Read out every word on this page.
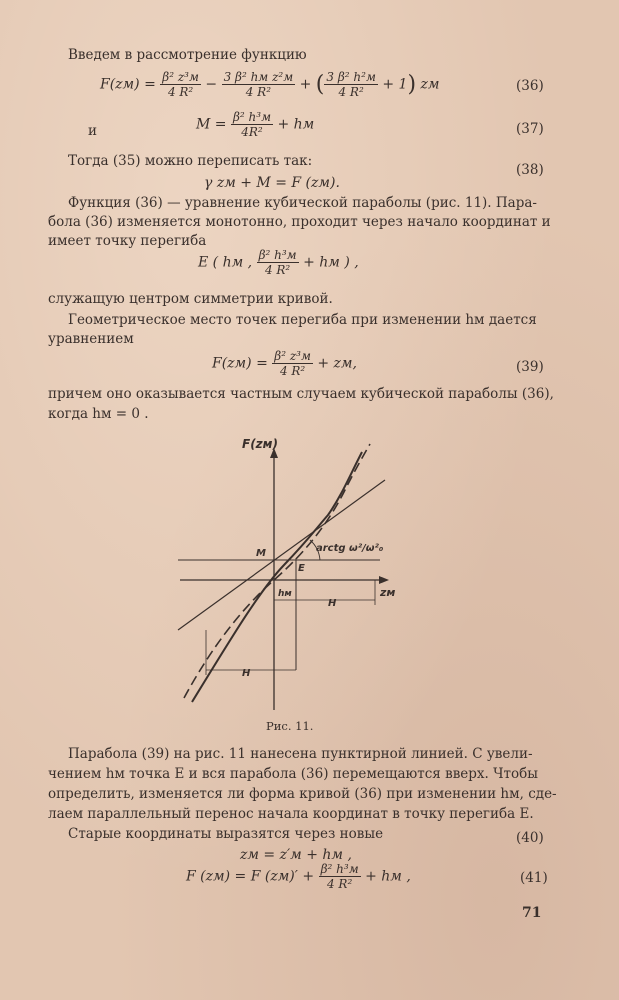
Введем в рассмотрение функцию
$F(zм) = \frac{\text{β² z³м}}{\text{4 R²}} - \frac{\text{3 β² hм z²м}}{\text{4 R²}}$ + ( $\frac{\text{3 β² h²м}}{\text{4 R²}} + 1$) zм	(36)
и	$M = \frac{\text{β² h³м}}{\text{4R²}}$ + hм	(37)
Тогда (35) можно переписать так:
γ zм + M = F (zм).
(38)
Функция (36) — уравнение кубической параболы (рис. 11). Пара-
бола (36) изменяется монотонно, проходит через начало координат и
имеет точку перегиба
E ( hм , $\frac{\text{β² h³м}}{\text{4 R²}}$ + hм ) ,
служащую центром симметрии кривой.
Геометрическое место точек перегиба при изменении hм дается
уравнением
$F(zм) = \frac{\text{β² z³м}}{\text{4 R²}}$ + zм,	(39)
причем оно оказывается частным случаем кубической параболы (36),
когда hм = 0 .
F(zм)
zм
M
E
hм
H
H
arctg ω²/ω²₀
Рис. 11.
Парабола (39) на рис. 11 нанесена пунктирной линией. С увели-
чением hм точка E и вся парабола (36) перемещаются вверх. Чтобы
определить, изменяется ли форма кривой (36) при изменении hм, сде-
лаем параллельный перенос начала координат в точку перегиба E.
Старые координаты выразятся через новые
zм = z′м + hм ,
(40)
F (zм) = F $(zм)' + \frac{\text{β² h³м}}{\text{4 R²}}$ + hм ,	(41)
71
